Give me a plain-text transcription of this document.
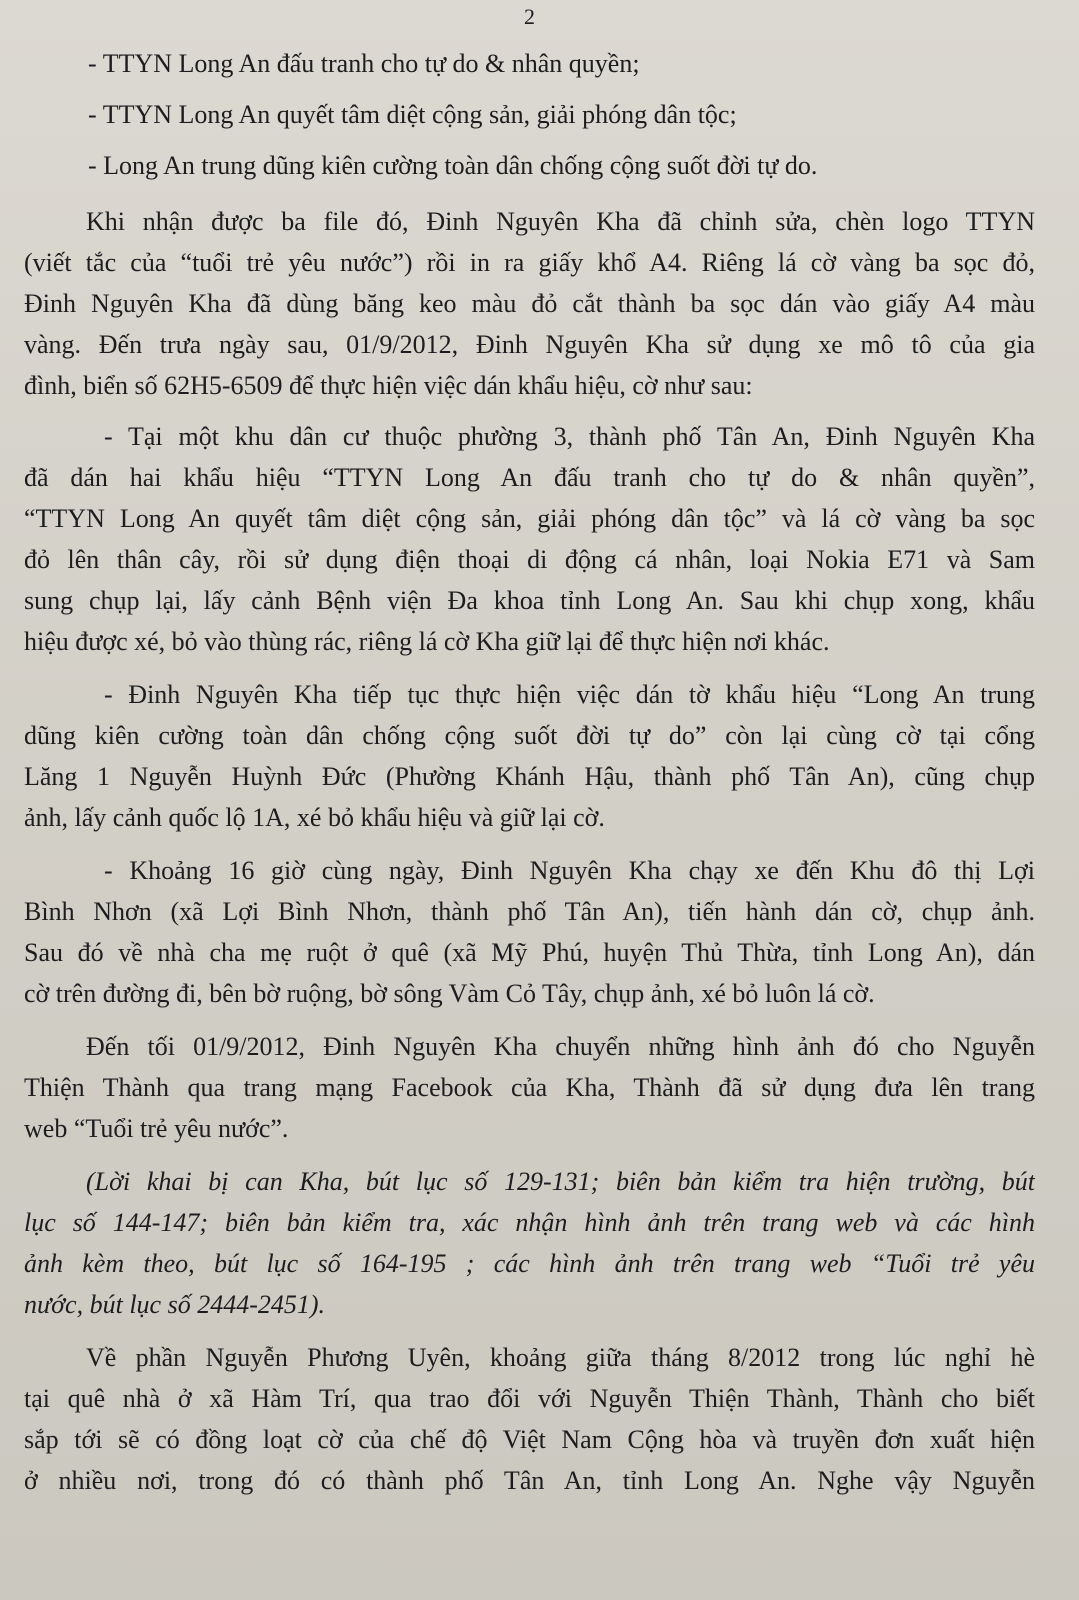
2
- TTYN Long An đấu tranh cho tự do & nhân quyền;
- TTYN Long An quyết tâm diệt cộng sản, giải phóng dân tộc;
- Long An trung dũng kiên cường toàn dân chống cộng suốt đời tự do.
Khi nhận được ba file đó, Đinh Nguyên Kha đã chỉnh sửa, chèn logo TTYN
(viết tắc của “tuổi trẻ yêu nước”) rồi in ra giấy khổ A4. Riêng lá cờ vàng ba sọc đỏ,
Đinh Nguyên Kha đã dùng băng keo màu đỏ cắt thành ba sọc dán vào giấy A4 màu
vàng. Đến trưa ngày sau, 01/9/2012, Đinh Nguyên Kha sử dụng xe mô tô của gia
đình, biển số 62H5-6509 để thực hiện việc dán khẩu hiệu, cờ như sau:
- Tại một khu dân cư thuộc phường 3, thành phố Tân An, Đinh Nguyên Kha
đã dán hai khẩu hiệu “TTYN Long An đấu tranh cho tự do & nhân quyền”,
“TTYN Long An quyết tâm diệt cộng sản, giải phóng dân tộc” và lá cờ vàng ba sọc
đỏ lên thân cây, rồi sử dụng điện thoại di động cá nhân, loại Nokia E71 và Sam
sung chụp lại, lấy cảnh Bệnh viện Đa khoa tỉnh Long An. Sau khi chụp xong, khẩu
hiệu được xé, bỏ vào thùng rác, riêng lá cờ Kha giữ lại để thực hiện nơi khác.
- Đinh Nguyên Kha tiếp tục thực hiện việc dán tờ khẩu hiệu “Long An trung
dũng kiên cường toàn dân chống cộng suốt đời tự do” còn lại cùng cờ tại cổng
Lăng 1 Nguyễn Huỳnh Đức (Phường Khánh Hậu, thành phố Tân An), cũng chụp
ảnh, lấy cảnh quốc lộ 1A, xé bỏ khẩu hiệu và giữ lại cờ.
- Khoảng 16 giờ cùng ngày, Đinh Nguyên Kha chạy xe đến Khu đô thị Lợi
Bình Nhơn (xã Lợi Bình Nhơn, thành phố Tân An), tiến hành dán cờ, chụp ảnh.
Sau đó về nhà cha mẹ ruột ở quê (xã Mỹ Phú, huyện Thủ Thừa, tỉnh Long An), dán
cờ trên đường đi, bên bờ ruộng, bờ sông Vàm Cỏ Tây, chụp ảnh, xé bỏ luôn lá cờ.
Đến tối 01/9/2012, Đinh Nguyên Kha chuyển những hình ảnh đó cho Nguyễn
Thiện Thành qua trang mạng Facebook của Kha, Thành đã sử dụng đưa lên trang
web “Tuổi trẻ yêu nước”.
(Lời khai bị can Kha, bút lục số 129-131; biên bản kiểm tra hiện trường, bút
lục số 144-147; biên bản kiểm tra, xác nhận hình ảnh trên trang web và các hình
ảnh kèm theo, bút lục số 164-195 ; các hình ảnh trên trang web “Tuổi trẻ yêu
nước, bút lục số 2444-2451).
Về phần Nguyễn Phương Uyên, khoảng giữa tháng 8/2012 trong lúc nghỉ hè
tại quê nhà ở xã Hàm Trí, qua trao đổi với Nguyễn Thiện Thành, Thành cho biết
sắp tới sẽ có đồng loạt cờ của chế độ Việt Nam Cộng hòa và truyền đơn xuất hiện
ở nhiều nơi, trong đó có thành phố Tân An, tỉnh Long An. Nghe vậy Nguyễn
